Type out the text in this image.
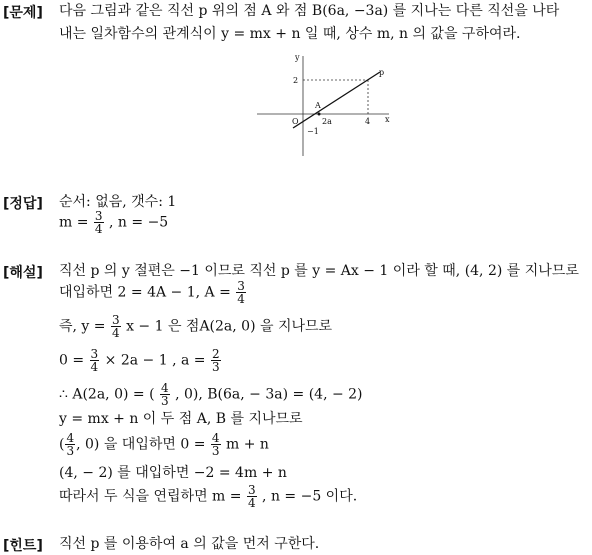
[문제] 다음 그림과 같은 직선 p 위의 점 A 와 점 B(6a, −3a) 를 지나는 다른 직선을 나타
내는 일차함수의 관계식이 y = mx + n 일 때, 상수 m, n 의 값을 구하여라.
y
x
p
A
O
2
−1
2a	4
[정답] 순서: 없음, 갯수: 1
$m = \frac{3}{4}$ , n = −5
[해설] 직선 p 의 y 절편은 −1 이므로 직선 p 를 y = Ax − 1 이라 할 때, (4, 2) 를 지나므로
대입하면 2 = 4A − 1, $A = \frac{3}{4}$
즉, $y = \frac{3}{4}$ x − 1 은 점A(2a, 0) 을 지나므로
$0 = \frac{3}{4} \times 2a - 1$ , $a = \frac{2}{3}$
∴ A(2a, 0) = ( $\frac{4}{3}$ , 0), B(6a, − 3a) = (4, − 2)
y = mx + n 이 두 점 A, B 를 지나므로
( $\frac{4}{3}$ , 0) 을 대입하면 $0 = \frac{4}{3}$ m + n
(4, − 2) 를 대입하면 −2 = 4m + n
따라서 두 식을 연립하면 $m = \frac{3}{4}$ , n = −5 이다.
[힌트] 직선 p 를 이용하여 a 의 값을 먼저 구한다.
